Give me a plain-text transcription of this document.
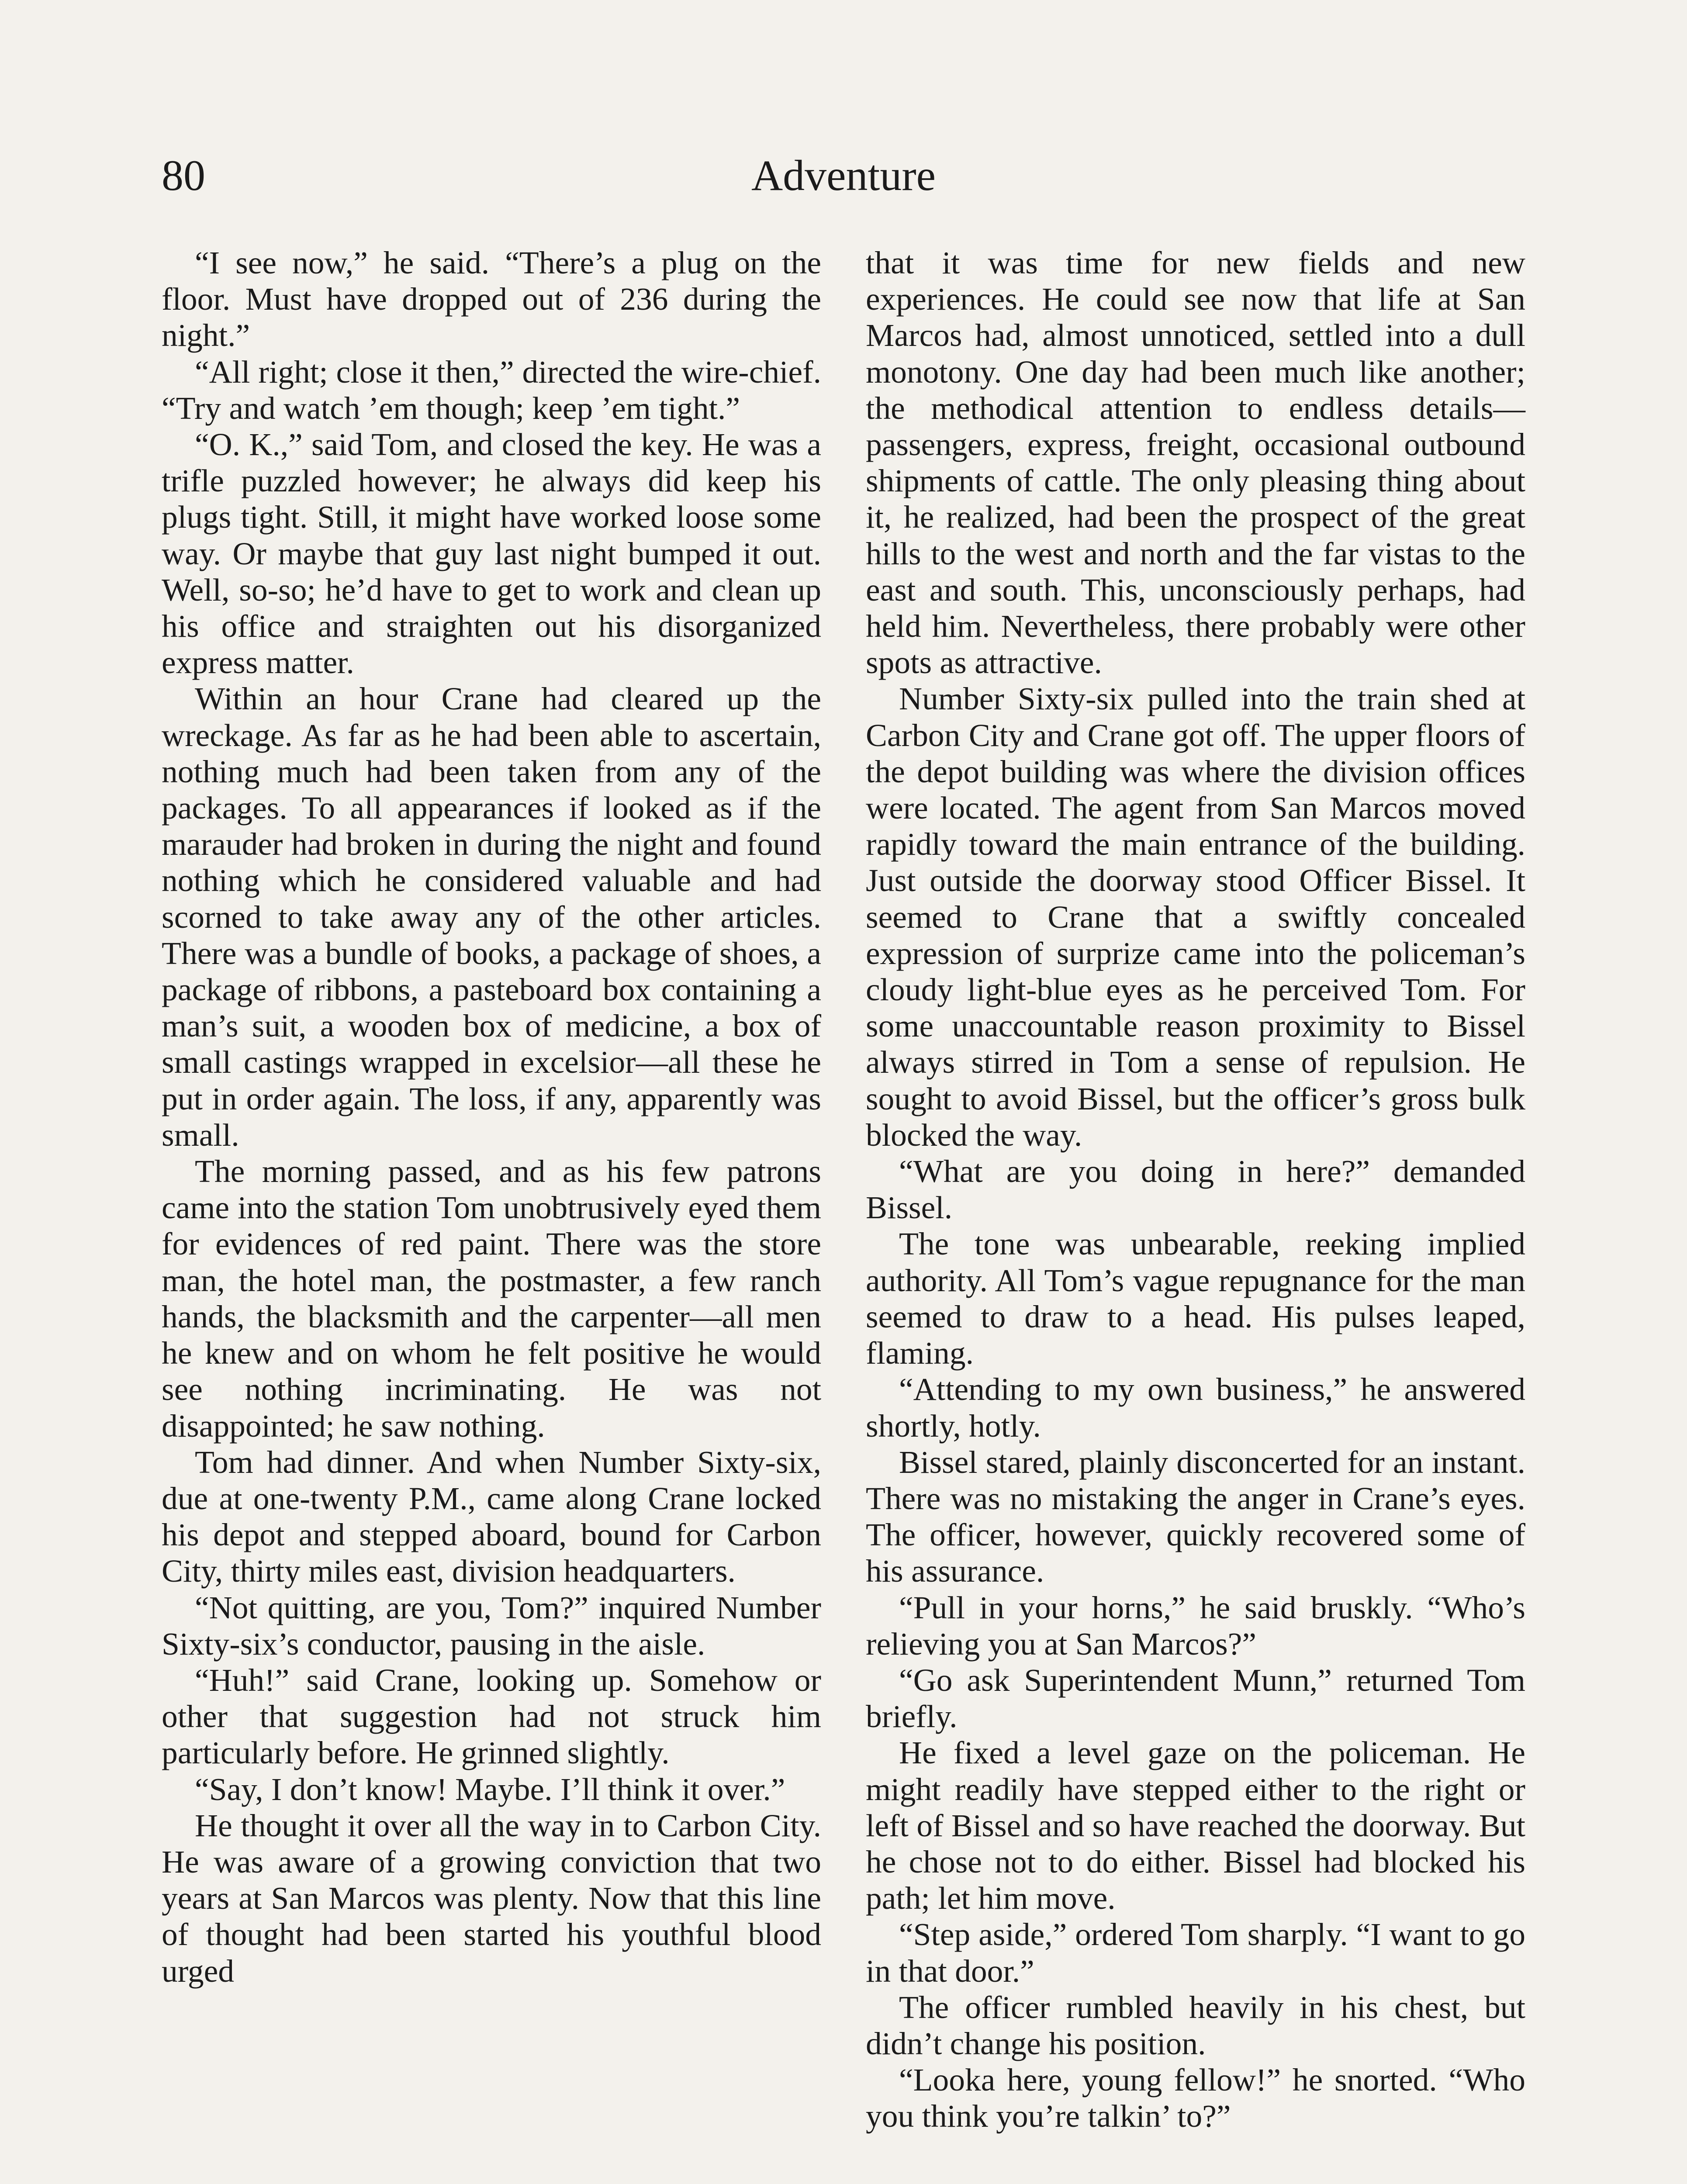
80	Adventure

“I see now,” he said. “There’s a plug on the floor. Must have dropped out of 236 during the night.”

“All right; close it then,” directed the wire-chief. “Try and watch ’em though; keep ’em tight.”

“O. K.,” said Tom, and closed the key. He was a trifle puzzled however; he always did keep his plugs tight. Still, it might have worked loose some way. Or maybe that guy last night bumped it out. Well, so-so; he’d have to get to work and clean up his office and straighten out his disorganized express matter.

Within an hour Crane had cleared up the wreckage. As far as he had been able to ascertain, nothing much had been taken from any of the packages. To all appearances if looked as if the marauder had broken in during the night and found nothing which he considered valuable and had scorned to take away any of the other articles. There was a bundle of books, a package of shoes, a package of ribbons, a pasteboard box containing a man’s suit, a wooden box of medicine, a box of small castings wrapped in excelsior—all these he put in order again. The loss, if any, apparently was small.

The morning passed, and as his few patrons came into the station Tom unobtrusively eyed them for evidences of red paint. There was the store man, the hotel man, the postmaster, a few ranch hands, the blacksmith and the carpenter—all men he knew and on whom he felt positive he would see nothing incriminating. He was not disappointed; he saw nothing.

Tom had dinner. And when Number Sixty-six, due at one-twenty P.M., came along Crane locked his depot and stepped aboard, bound for Carbon City, thirty miles east, division headquarters.

“Not quitting, are you, Tom?” inquired Number Sixty-six’s conductor, pausing in the aisle.

“Huh!” said Crane, looking up. Somehow or other that suggestion had not struck him particularly before. He grinned slightly.

“Say, I don’t know! Maybe. I’ll think it over.”

He thought it over all the way in to Carbon City. He was aware of a growing conviction that two years at San Marcos was plenty. Now that this line of thought had been started his youthful blood urged

that it was time for new fields and new experiences. He could see now that life at San Marcos had, almost unnoticed, settled into a dull monotony. One day had been much like another; the methodical attention to endless details—passengers, express, freight, occasional outbound shipments of cattle. The only pleasing thing about it, he realized, had been the prospect of the great hills to the west and north and the far vistas to the east and south. This, unconsciously perhaps, had held him. Nevertheless, there probably were other spots as attractive.

Number Sixty-six pulled into the train shed at Carbon City and Crane got off. The upper floors of the depot building was where the division offices were located. The agent from San Marcos moved rapidly toward the main entrance of the building. Just outside the doorway stood Officer Bissel. It seemed to Crane that a swiftly concealed expression of surprize came into the policeman’s cloudy light-blue eyes as he perceived Tom. For some unaccountable reason proximity to Bissel always stirred in Tom a sense of repulsion. He sought to avoid Bissel, but the officer’s gross bulk blocked the way.

“What are you doing in here?” demanded Bissel.

The tone was unbearable, reeking implied authority. All Tom’s vague repugnance for the man seemed to draw to a head. His pulses leaped, flaming.

“Attending to my own business,” he answered shortly, hotly.

Bissel stared, plainly disconcerted for an instant. There was no mistaking the anger in Crane’s eyes. The officer, however, quickly recovered some of his assurance.

“Pull in your horns,” he said bruskly. “Who’s relieving you at San Marcos?”

“Go ask Superintendent Munn,” returned Tom briefly.

He fixed a level gaze on the policeman. He might readily have stepped either to the right or left of Bissel and so have reached the doorway. But he chose not to do either. Bissel had blocked his path; let him move.

“Step aside,” ordered Tom sharply. “I want to go in that door.”

The officer rumbled heavily in his chest, but didn’t change his position.

“Looka here, young fellow!” he snorted. “Who you think you’re talkin’ to?”
